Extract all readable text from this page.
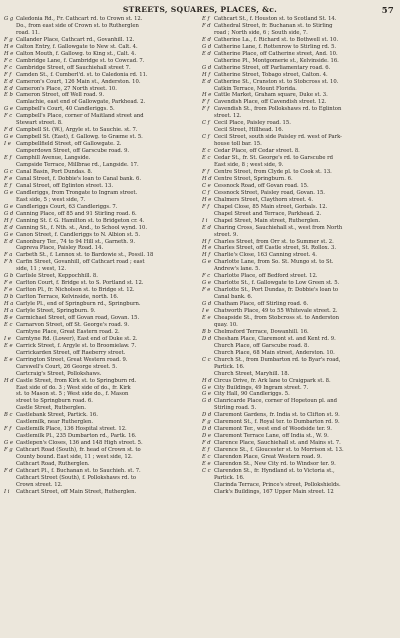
STREETS, SQUARES, PLACES, &c.	57
G g Caledonia Rd., Fr. Cathcart rd. to Crown st. 12.
Do., from east side of Crown st. to Rutherglen
road. 11.
F g Callander Place, Cathcart rd., Govanhill. 12.
H e Calton Entry, f. Gallowgate to New st. Calt. 4.
H e Calton Mouth, f. Gallowg. to King st., Calt. 4.
F c Cambridge Lane, f. Cambridge st. to Cowcad. 7.
F c Cambridge Street, off Sauchiehall street 7.
F f Camden St., f. Cumberl'd. st. to Caledonia rd. 11.
E d Cameron's Court, 126 Main st., Anderston. 10.
E d Cameron's Place, 27 North street. 10.
E b Cameron Street, off Well road. 9.
Camlachie, east end of Gallowgate, Parkhead. 2.
G e Campbell's Court, 40 Candleriggs. 5.
F c Campbell's Place, corner of Maitland street and
Stewart street. 8.
F d Campbell St. (W.), Argyle st. to Sauchie. st. 7.
G e Campbell St. (East), f. Gallowg. to Græme st. 5.
I e Campbellfield Street, off Gallowgate. 2.
Camperdown Street, off Garscube road. 9.
E f Camphill Avenue, Langside.
Campside Terrace, Millbrae rd., Langside. 17.
G c Canal Basin, Port Dundas. 8.
F e Canal Street, f. Dobbie's loan to Canal bank. 6.
E f Canal Street, off Eglinton street. 13.
G e Candleriggs, from Trongate to Ingram street.
East side, 5 ; west side, 7.
G e Candleriggs Court, 63 Candleriggs. 7.
G d Canning Place, off 85 and 91 Stirling road. 6.
H f Canning St. f. G. Hamilton st. to Bridgeton cr. 4.
E d Canning St., f. Nth. st., And., to School wynd. 10.
G e Canon Street, f. Candleriggs to N. Albion st. 5.
E d Canonbury Ter., 74 to 94 Hill st., Garneth. 9.
Capreva Place, Paisley Road. 14.
F a Carbeth St., f. Lennox st. to Bardowie st., Possil. 18
F h Carfin Street, Govanhill, off Cathcart road ; east
side, 11 ; west, 12.
G b Carlisle Street, Keppochhill. 8.
F e Carlton Court, f. Bridge st. to S. Portland st. 12.
F e Carlton Pl., fr. Nicholson st. to Bridge st. 12.
D b Carlton Terrace, Kelvinside, north. 16.
H a Carlyle Pl., end of Springburn rd., Springburn.
H a Carlyle Street, Springburn. 9.
B e Carmichael Street, off Govan road, Govan. 15.
E c Carnarvon Street, off St. George's road. 9.
Carntyne Place, Great Eastern road. 2.
I e Carntyne Rd. (Lower), East end of Duke st. 2.
E e Carrick Street, f. Argyle st. to Broomielaw. 7.
Carrickarden Street, off Raeberry street.
E e Carrington Street, Great Western road. 9.
Carswell's Court, 26 George street. 5.
Cartcraig's Street, Pollokshaws.
H d Castle Street, from Kirk st. to Springburn rd.
East side of do. 3 ; West side of do., fr. Kirk
st. to Mason st. 5 ; West side do., f. Mason
street to Springburn road. 6.
Castle Street, Rutherglen.
B c Castlebank Street, Partick. 16.
Castlemilk, near Rutherglen.
F f Castlemilk Place, 136 Hospital street. 12.
Castlemilk Pl., 235 Dumbarton rd., Partk. 16.
G e Castlepen's Closes, 136 and 148 High street. 5.
F g Cathcart Road (South), fr. head of Crown st. to
County bound. East side, 11 ; west side, 12.
Cathcart Road, Rutherglen.
F d Cathcart Pl., f. Buchanan st. to Sauchieh. st. 7.
Cathcart Street (South), f. Pollokshaws rd. to
Crown street. 12.
I i Cathcart Street, off Main Street, Rutherglen.
E f Cathcart St., f. Houston st. to Scotland St. 14.
F d Cathedral Street, fr. Buchanan st. to Stirling
road ; North side, 6 ; South side, 7.
E d Catherine La., f. Richard st. to Bothwell st. 10.
G d Catherine Lane, f. Rottenrow to Stirling rd. 5.
E d Catherine Place, off Catherine street, And. 10.
Catherine Pl., Montgomerie st., Kelvinside. 16.
G d Catherine Street, off Parliamentary road. 6.
H f Catherine Street, Tobago street, Calton. 4.
E d Catherine St., Cranston st. to Stobcross st. 10.
Catkin Terrace, Mount Florida.
H e Cattle Market, Graham square, Duke st. 3.
F f Cavendish Place, off Cavendish street. 12.
F f Cavendish St., from Pollokshaws rd. to Eglinton
street. 12.
C f Cecil Place, Paisley road. 15.
Cecil Street, Hillhead. 16.
C f Cecil Street, south side Paisley rd. west of Park-
house toll bar. 15.
E c Cedar Place, off Cedar street. 8.
E c Cedar St., fr. St. George's rd. to Garscube rd
East side, 8 ; west side, 9.
F f Centre Street, from Clyde pl. to Cook st. 13.
H d Centre Street, Springburn. 6.
C e Cessnock Road, off Govan road. 15.
C f Cessnock Street, Paisley road, Govan. 15.
H e Chalmers Street, Claythorn street. 4.
F f Chapel Close, 85 Main street, Gorbals. 12.
Chapel Street and Terrace, Parkhead. 2.
I i Chapel Street, Main street, Rutherglen.
E d Charing Cross, Sauchiehall st., west from North
street. 9.
H f Charles Street, from Orr st. to Summer st. 2.
H e Charles Street, off Castle street, St. Rollox. 3.
H f Charlie's Close, 163 Canning street. 4.
G e Charlotte Lane, from So. St. Mungo st. to St.
Andrew's lane. 5.
F c Charlotte Place, off Bedford street. 12.
G e Charlotte St., f. Gallowgate to Low Green st. 5.
F e Charlotte St., Port Dundas, fr. Dobbie's loan to
Canal bank. 6.
G d Chatham Place, off Stirling road. 6.
I e Chatworth Place, 49 to 55 Whitevale street. 2.
E e Cheapside St., from Stobcross st. to Anderston
quay. 10.
B b Chelmsford Terrace, Dowanhill. 16.
D d Chesham Place, Claremont st. and Kent rd. 9.
Church Place, off Garscube road. 8.
Church Place, 68 Main street, Anderston. 10.
C c Church St., from Dumbarton rd. to Byar's road,
Partick. 16.
Church Street, Maryhill. 18.
H d Circus Drive, fr. Ark lane to Craigpark st. 8.
G e City Buildings, 49 Ingram street. 7.
G e City Hall, 90 Candleriggs. 5.
G d Clanricarde Place, corner of Hopetoun pl. and
Stirling road. 5.
D d Claremont Gardens, fr. India st. to Clifton st. 9.
F g Claremont St., f. Royal ter. to Dumbarton rd. 9.
D d Claremont Ter., west end of Woodside ter. 9.
D e Claremont Terrace Lane, off India st., W. 9.
F d Clarence Place, Sauchiehall st. and Mains st. 7.
E f Clarence St., f. Gloucester st. to Morrison st. 13.
E c Clarendon Place, Great Western road. 9.
E e Clarendon St., New City rd. to Windsor ter. 9.
C c Clarendon St., fr. Hyndland st. to Victoria st.,
Partick. 16.
Clarinda Terrace, Prince's street, Pollokshields.
Clark's Buildings, 167 Upper Main street. 12
